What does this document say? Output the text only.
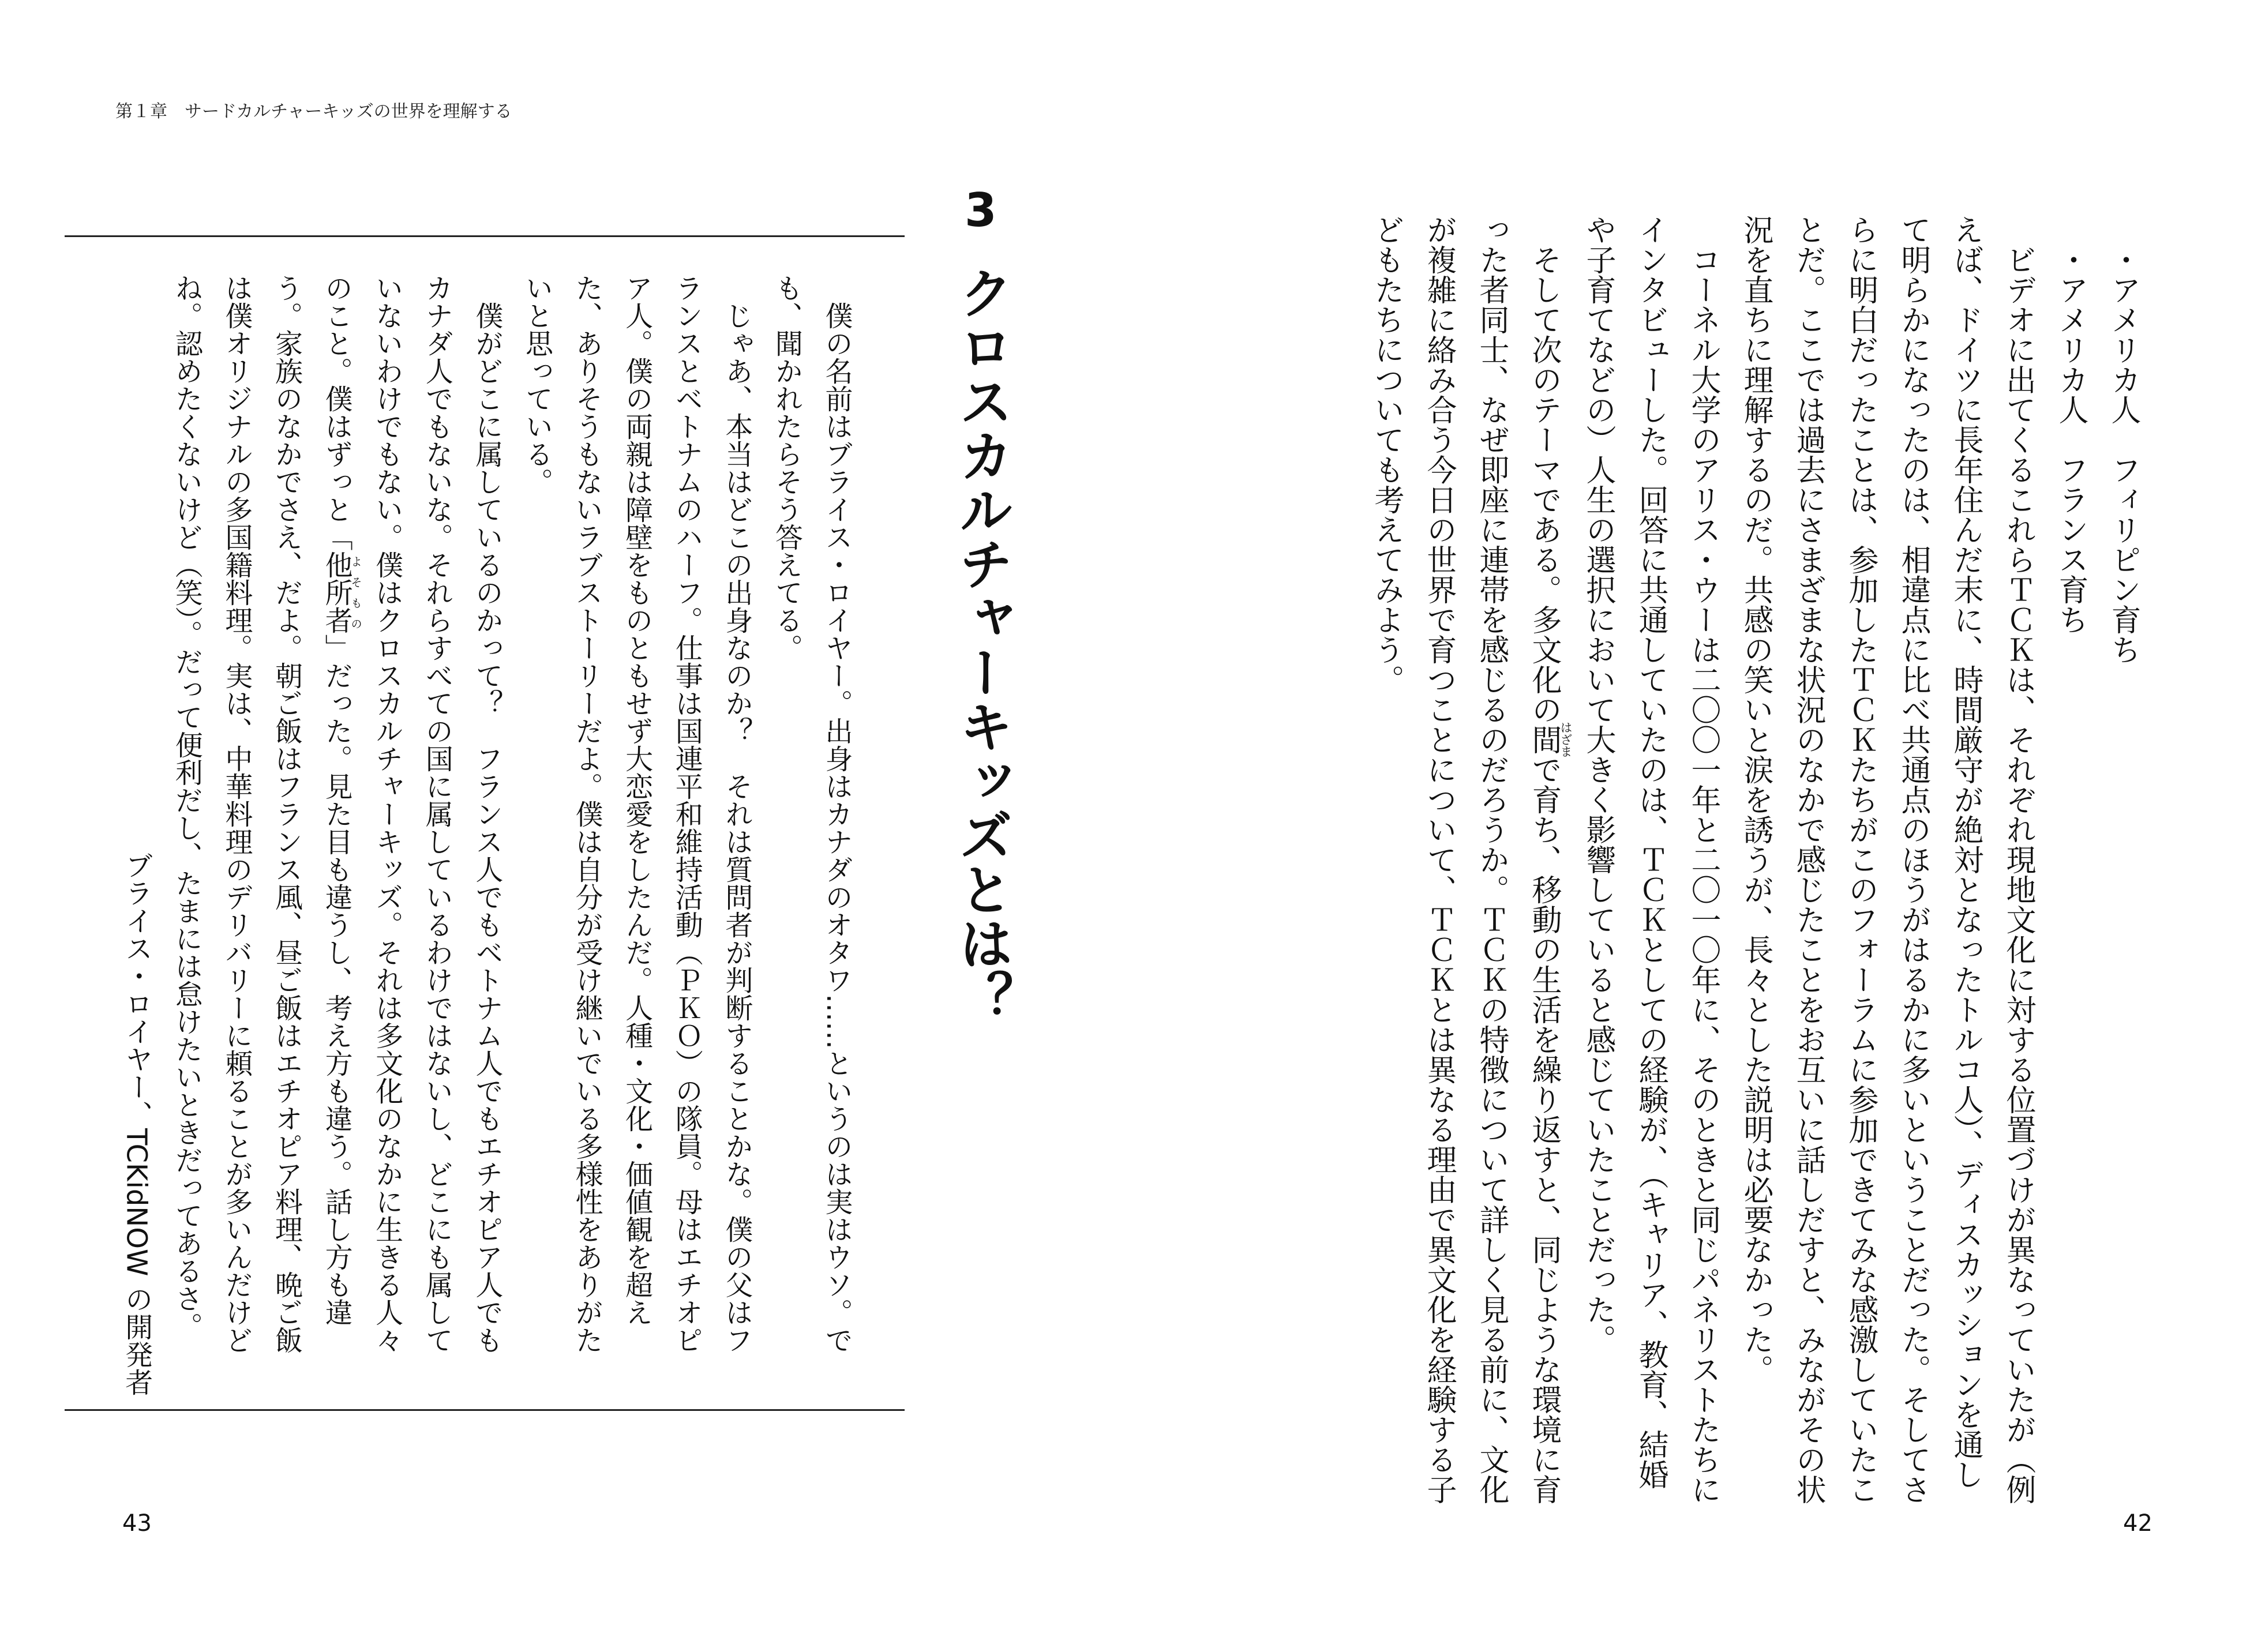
第１章　サードカルチャーキッズの世界を理解する
3
クロスカルチャーキッズとは？
僕の名前はブライス・ロイヤー。出身はカナダのオタワ……というのは実はウソ。で
も、聞かれたらそう答えてる。
じゃあ、本当はどこの出身なのか？　それは質問者が判断することかな。僕の父はフ
ランスとベトナムのハーフ。仕事は国連平和維持活動（ＰＫＯ）の隊員。母はエチオピ
ア人。僕の両親は障壁をものともせず大恋愛をしたんだ。人種・文化・価値観を超え
た、ありそうもないラブストーリーだよ。僕は自分が受け継いでいる多様性をありがた
いと思っている。
僕がどこに属しているのかって？　フランス人でもベトナム人でもエチオピア人でも
カナダ人でもないな。それらすべての国に属しているわけではないし、どこにも属して
いないわけでもない。僕はクロスカルチャーキッズ。それは多文化のなかに生きる人々
のこと。僕はずっと「他所者よそもの」だった。見た目も違うし、考え方も違う。話し方も違
う。家族のなかでさえ、だよ。朝ご飯はフランス風、昼ご飯はエチオピア料理、晩ご飯
は僕オリジナルの多国籍料理。実は、中華料理のデリバリーに頼ることが多いんだけど
ね。認めたくないけど（笑）。だって便利だし、たまには怠けたいときだってあるさ。
ブライス・ロイヤー、TCKidNOW の開発者
・アメリカ人　フィリピン育ち
・アメリカ人　フランス育ち
ビデオに出てくるこれらＴＣＫは、それぞれ現地文化に対する位置づけが異なっていたが（例
えば、ドイツに長年住んだ末に、時間厳守が絶対となったトルコ人）、ディスカッションを通し
て明らかになったのは、相違点に比べ共通点のほうがはるかに多いということだった。そしてさ
らに明白だったことは、参加したＴＣＫたちがこのフォーラムに参加できてみな感激していたこ
とだ。ここでは過去にさまざまな状況のなかで感じたことをお互いに話しだすと、みながその状
況を直ちに理解するのだ。共感の笑いと涙を誘うが、長々とした説明は必要なかった。
コーネル大学のアリス・ウーは二〇〇一年と二〇一〇年に、そのときと同じパネリストたちに
インタビューした。回答に共通していたのは、ＴＣＫとしての経験が、（キャリア、教育、結婚
や子育てなどの）人生の選択において大きく影響していると感じていたことだった。
そして次のテーマである。多文化の間はざまで育ち、移動の生活を繰り返すと、同じような環境に育
った者同士、なぜ即座に連帯を感じるのだろうか。ＴＣＫの特徴について詳しく見る前に、文化
が複雑に絡み合う今日の世界で育つことについて、ＴＣＫとは異なる理由で異文化を経験する子
どもたちについても考えてみよう。
43	42
